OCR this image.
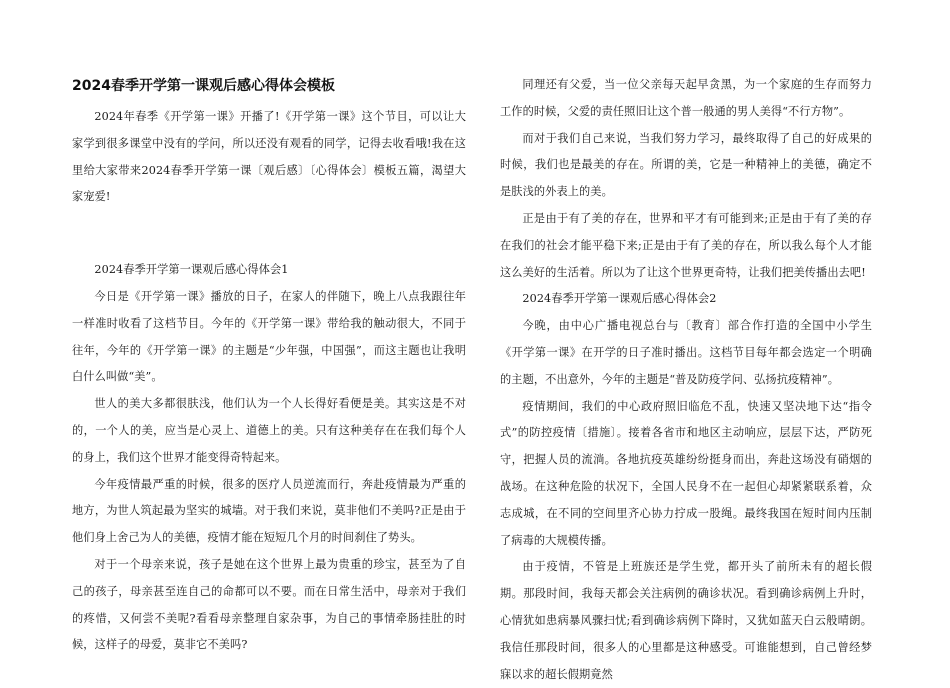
2024春季开学第一课观后感心得体会模板

2024年春季《开学第一课》开播了!《开学第一课》这个节目，可以让大家学到很多课堂中没有的学问，所以还没有观看的同学，记得去收看哦!我在这里给大家带来2024春季开学第一课〔观后感〕〔心得体会〕模板五篇，渴望大家宠爱!

2024春季开学第一课观后感心得体会1

今日是《开学第一课》播放的日子，在家人的伴随下，晚上八点我跟往年一样准时收看了这档节目。今年的《开学第一课》带给我的触动很大，不同于往年，今年的《开学第一课》的主题是“少年强，中国强”，而这主题也让我明白什么叫做“美”。

世人的美大多都很肤浅，他们认为一个人长得好看便是美。其实这是不对的，一个人的美，应当是心灵上、道德上的美。只有这种美存在在我们每个人的身上，我们这个世界才能变得奇特起来。

今年疫情最严重的时候，很多的医疗人员逆流而行，奔赴疫情最为严重的地方，为世人筑起最为坚实的城墙。对于我们来说，莫非他们不美吗?正是由于他们身上舍己为人的美德，疫情才能在短短几个月的时间刹住了势头。

对于一个母亲来说，孩子是她在这个世界上最为贵重的珍宝，甚至为了自己的孩子，母亲甚至连自己的命都可以不要。而在日常生活中，母亲对于我们的疼惜，又何尝不美呢?看看母亲整理自家杂事，为自己的事情牵肠挂肚的时候，这样子的母爱，莫非它不美吗?

同理还有父爱，当一位父亲每天起早贪黑，为一个家庭的生存而努力工作的时候，父爱的责任照旧让这个普一般通的男人美得“不行方物”。

而对于我们自己来说，当我们努力学习，最终取得了自己的好成果的时候，我们也是最美的存在。所谓的美，它是一种精神上的美德，确定不是肤浅的外表上的美。

正是由于有了美的存在，世界和平才有可能到来;正是由于有了美的存在我们的社会才能平稳下来;正是由于有了美的存在，所以我么每个人才能这么美好的生活着。所以为了让这个世界更奇特，让我们把美传播出去吧!

2024春季开学第一课观后感心得体会2

今晚，由中心广播电视总台与〔教育〕部合作打造的全国中小学生《开学第一课》在开学的日子准时播出。这档节目每年都会选定一个明确的主题，不出意外，今年的主题是“普及防疫学问、弘扬抗疫精神”。

疫情期间，我们的中心政府照旧临危不乱，快速又坚决地下达“指令式”的防控疫情〔措施〕。接着各省市和地区主动响应，层层下达，严防死守，把握人员的流淌。各地抗疫英雄纷纷挺身而出，奔赴这场没有硝烟的战场。在这种危险的状况下，全国人民身不在一起但心却紧紧联系着，众志成城，在不同的空间里齐心协力拧成一股绳。最终我国在短时间内压制了病毒的大规模传播。

由于疫情，不管是上班族还是学生党，都开头了前所未有的超长假期。那段时间，我每天都会关注病例的确诊状况。看到确诊病例上升时，心情犹如患病暴风骤扫忧;看到确诊病例下降时，又犹如蓝天白云般晴朗。我信任那段时间，很多人的心里都是这种感受。可谁能想到，自己曾经梦寐以求的超长假期竟然
